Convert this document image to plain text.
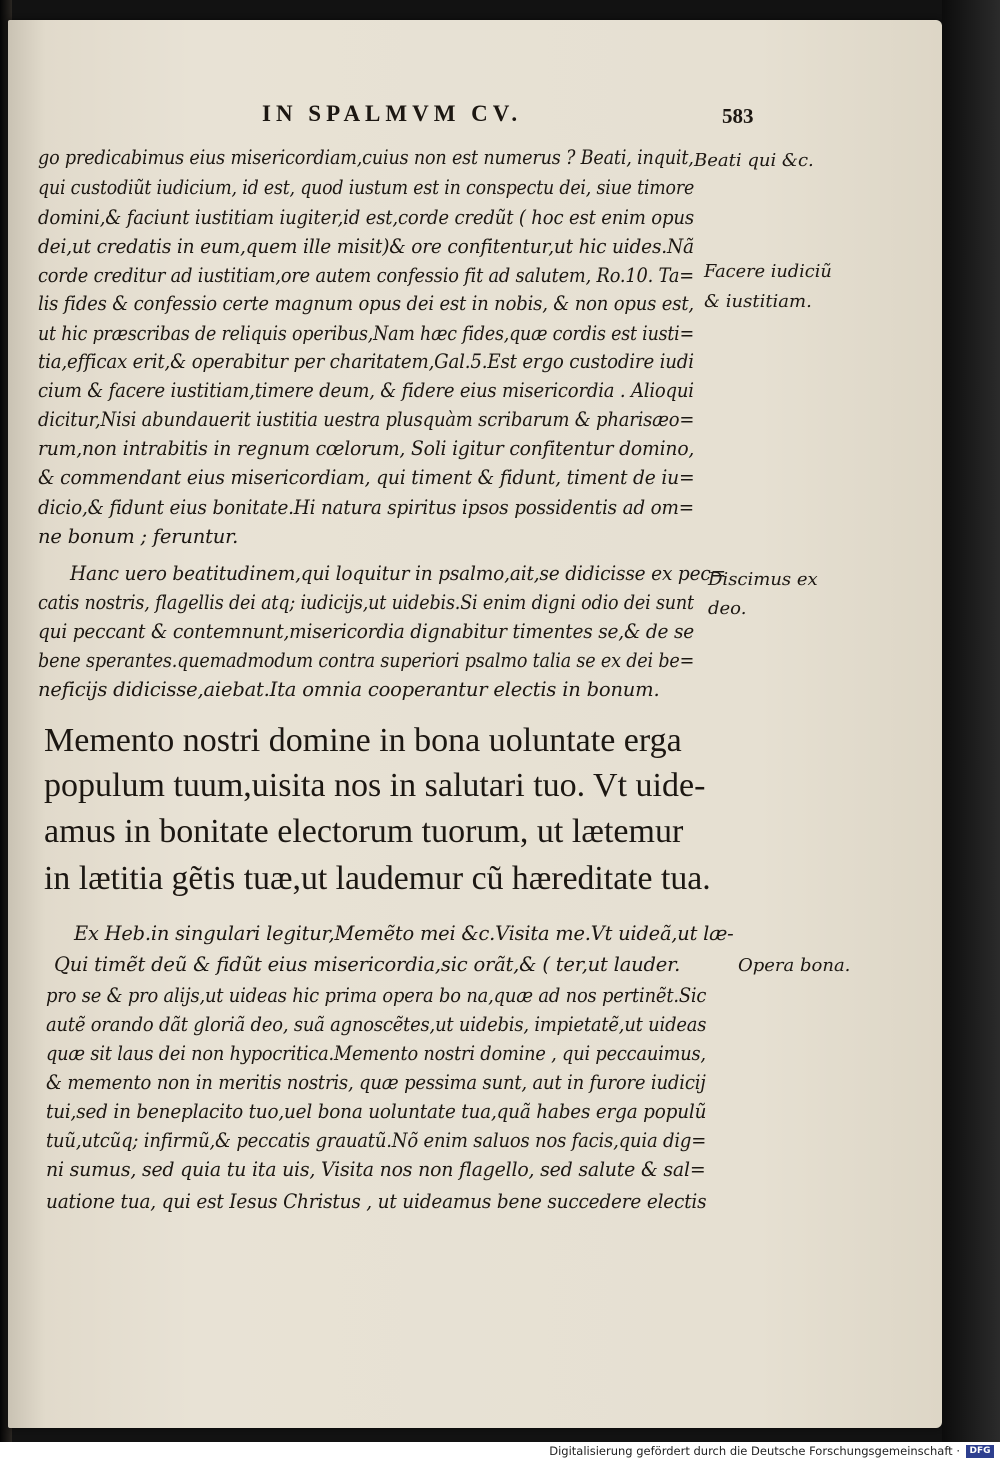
IN SPALMVM CV.	583
go predicabimus eius misericordiam,cuius non est numerus ? Beati, inquit,
qui custodiũt iudicium, id est, quod iustum est in conspectu dei, siue timore
domini,& faciunt iustitiam iugiter,id est,corde credũt ( hoc est enim opus
dei,ut credatis in eum,quem ille misit)& ore confitentur,ut hic uides.Nã
corde creditur ad iustitiam,ore autem confessio fit ad salutem, Ro.10. Ta=
lis fides & confessio certe magnum opus dei est in nobis, & non opus est,
ut hic præscribas de reliquis operibus,Nam hæc fides,quæ cordis est iusti=
tia,efficax erit,& operabitur per charitatem,Gal.5.Est ergo custodire iudi
cium & facere iustitiam,timere deum, & fidere eius misericordia . Alioqui
dicitur,Nisi abundauerit iustitia uestra plusquàm scribarum & pharisæo=
rum,non intrabitis in regnum cœlorum, Soli igitur confitentur domino,
& commendant eius misericordiam, qui timent & fidunt, timent de iu=
dicio,& fidunt eius bonitate.Hi natura spiritus ipsos possidentis ad om=
ne bonum ; feruntur.
Hanc uero beatitudinem,qui loquitur in psalmo,ait,se didicisse ex pec=
catis nostris, flagellis dei atq; iudicijs,ut uidebis.Si enim digni odio dei sunt
qui peccant & contemnunt,misericordia dignabitur timentes se,& de se
bene sperantes.quemadmodum contra superiori psalmo talia se ex dei be=
neficijs didicisse,aiebat.Ita omnia cooperantur electis in bonum.
Memento nostri domine in bona uoluntate erga
populum tuum,uisita nos in salutari tuo. Vt uide-
amus in bonitate electorum tuorum, ut lætemur
in lætitia gẽtis tuæ,ut laudemur cũ hæreditate tua.
Ex Heb.in singulari legitur,Memẽto mei &c.Visita me.Vt uideã,ut læ-
Qui timẽt deũ & fidũt eius misericordia,sic orãt,& ( ter,ut lauder.
pro se & pro alijs,ut uideas hic prima opera bo na,quæ ad nos pertinẽt.Sic
autẽ orando dãt gloriã deo, suã agnoscẽtes,ut uidebis, impietatẽ,ut uideas
quæ sit laus dei non hypocritica.Memento nostri domine , qui peccauimus,
& memento non in meritis nostris, quæ pessima sunt, aut in furore iudicij
tui,sed in beneplacito tuo,uel bona uoluntate tua,quã habes erga populũ
tuũ,utcũq; infirmũ,& peccatis grauatũ.Nõ enim saluos nos facis,quia dig=
ni sumus, sed quia tu ita uis, Visita nos non flagello, sed salute & sal=
uatione tua, qui est Iesus Christus , ut uideamus bene succedere electis
Beati qui &c.
Facere iudiciũ
& iustitiam.
Discimus ex
deo.
Opera bona.
Digitalisierung gefördert durch die Deutsche Forschungsgemeinschaft ·	DFG
